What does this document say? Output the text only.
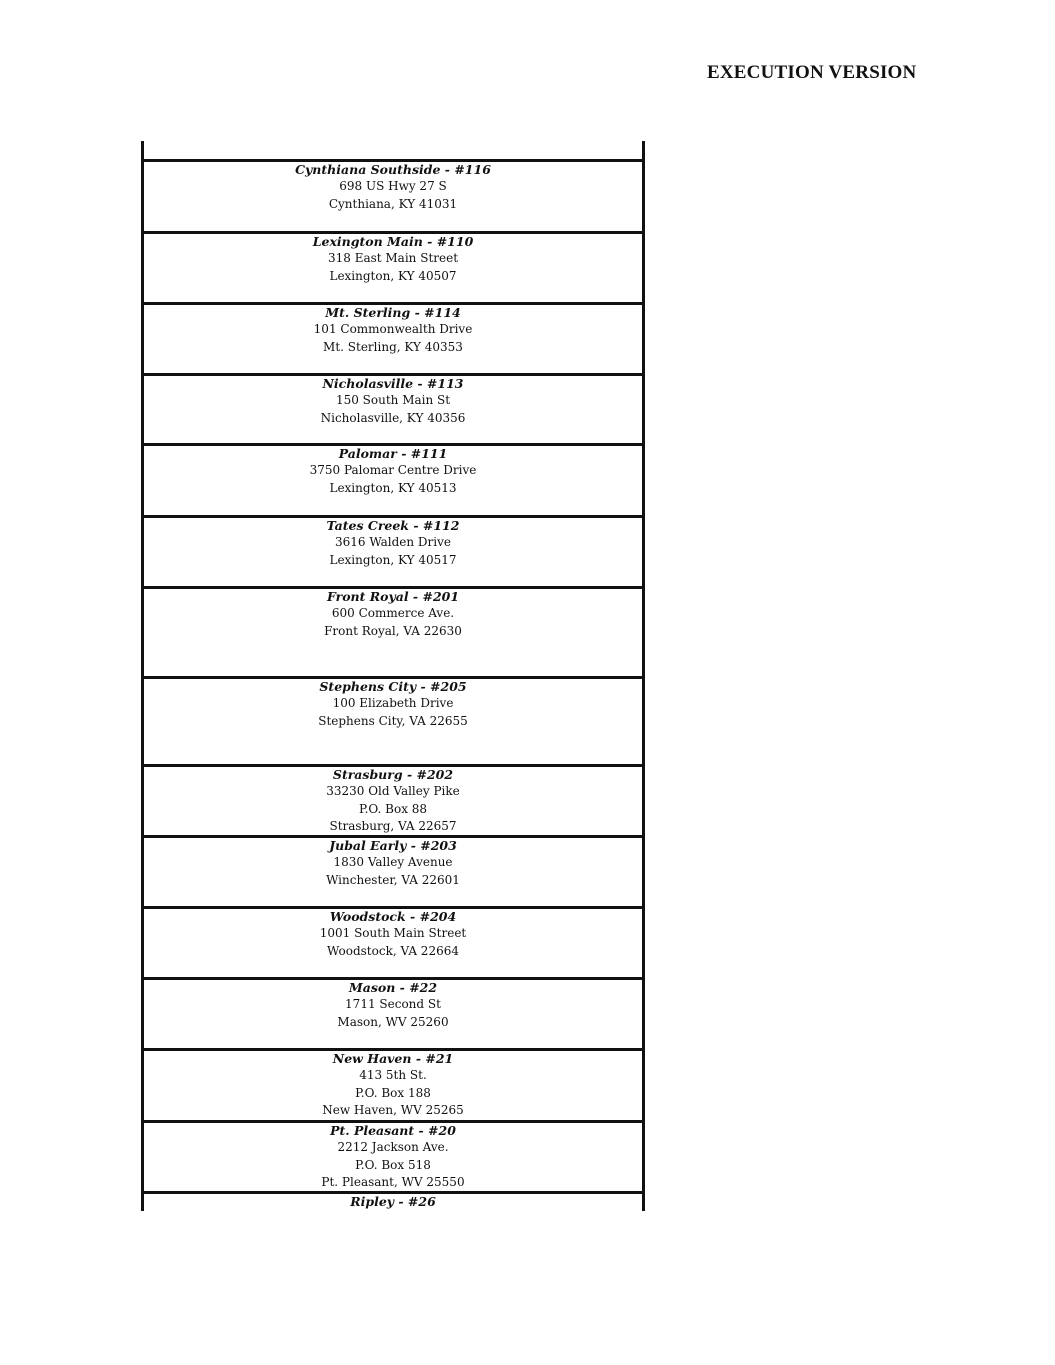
EXECUTION VERSION
Cynthiana Southside - #116
698 US Hwy 27 S
Cynthiana, KY 41031
Lexington Main - #110
318 East Main Street
Lexington, KY 40507
Mt. Sterling - #114
101 Commonwealth Drive
Mt. Sterling, KY 40353
Nicholasville - #113
150 South Main St
Nicholasville, KY 40356
Palomar - #111
3750 Palomar Centre Drive
Lexington, KY 40513
Tates Creek - #112
3616 Walden Drive
Lexington, KY 40517
Front Royal - #201
600 Commerce Ave.
Front Royal, VA 22630
Stephens City - #205
100 Elizabeth Drive
Stephens City, VA 22655
Strasburg - #202
33230 Old Valley Pike
P.O. Box 88
Strasburg, VA 22657
Jubal Early - #203
1830 Valley Avenue
Winchester, VA 22601
Woodstock - #204
1001 South Main Street
Woodstock, VA 22664
Mason - #22
1711 Second St
Mason, WV 25260
New Haven - #21
413 5th St.
P.O. Box 188
New Haven, WV 25265
Pt. Pleasant - #20
2212 Jackson Ave.
P.O. Box 518
Pt. Pleasant, WV 25550
Ripley - #26
